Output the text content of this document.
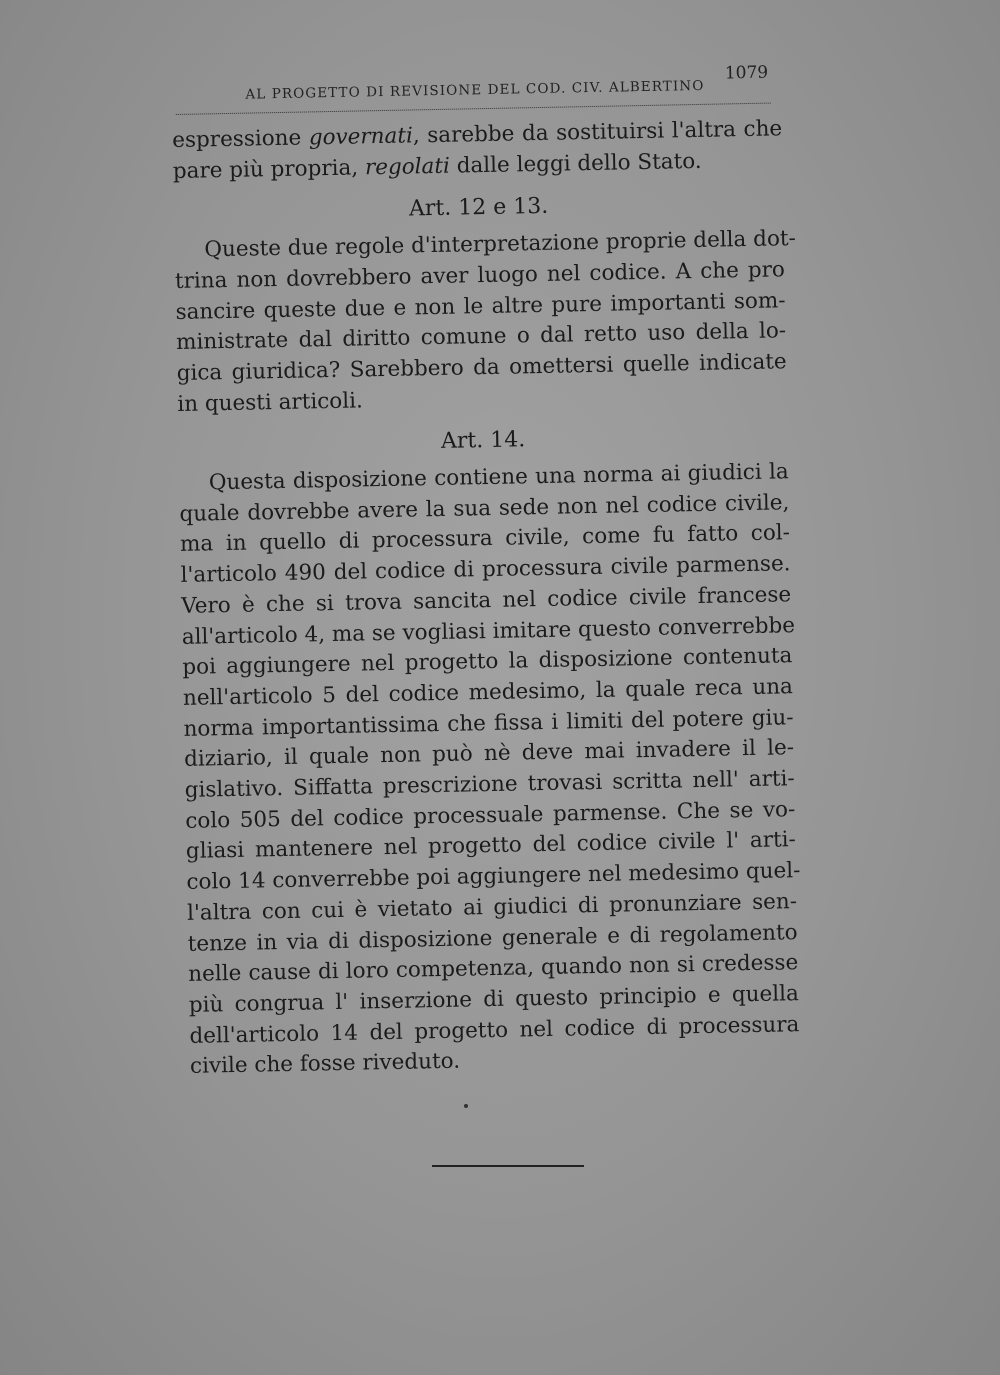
AL PROGETTO DI REVISIONE DEL COD. CIV. ALBERTINO
1079
espressione governati, sarebbe da sostituirsi l'altra che
pare più propria, regolati dalle leggi dello Stato.
Art. 12 e 13.
Queste due regole d'interpretazione proprie della dot-
trina non dovrebbero aver luogo nel codice. A che pro
sancire queste due e non le altre pure importanti som-
ministrate dal diritto comune o dal retto uso della lo-
gica giuridica? Sarebbero da omettersi quelle indicate
in questi articoli.
Art. 14.
Questa disposizione contiene una norma ai giudici la
quale dovrebbe avere la sua sede non nel codice civile,
ma in quello di processura civile, come fu fatto col-
l'articolo 490 del codice di processura civile parmense.
Vero è che si trova sancita nel codice civile francese
all'articolo 4, ma se vogliasi imitare questo converrebbe
poi aggiungere nel progetto la disposizione contenuta
nell'articolo 5 del codice medesimo, la quale reca una
norma importantissima che fissa i limiti del potere giu-
diziario, il quale non può nè deve mai invadere il le-
gislativo. Siffatta prescrizione trovasi scritta nell' arti-
colo 505 del codice processuale parmense. Che se vo-
gliasi mantenere nel progetto del codice civile l' arti-
colo 14 converrebbe poi aggiungere nel medesimo quel-
l'altra con cui è vietato ai giudici di pronunziare sen-
tenze in via di disposizione generale e di regolamento
nelle cause di loro competenza, quando non si credesse
più congrua l' inserzione di questo principio e quella
dell'articolo 14 del progetto nel codice di processura
civile che fosse riveduto.
